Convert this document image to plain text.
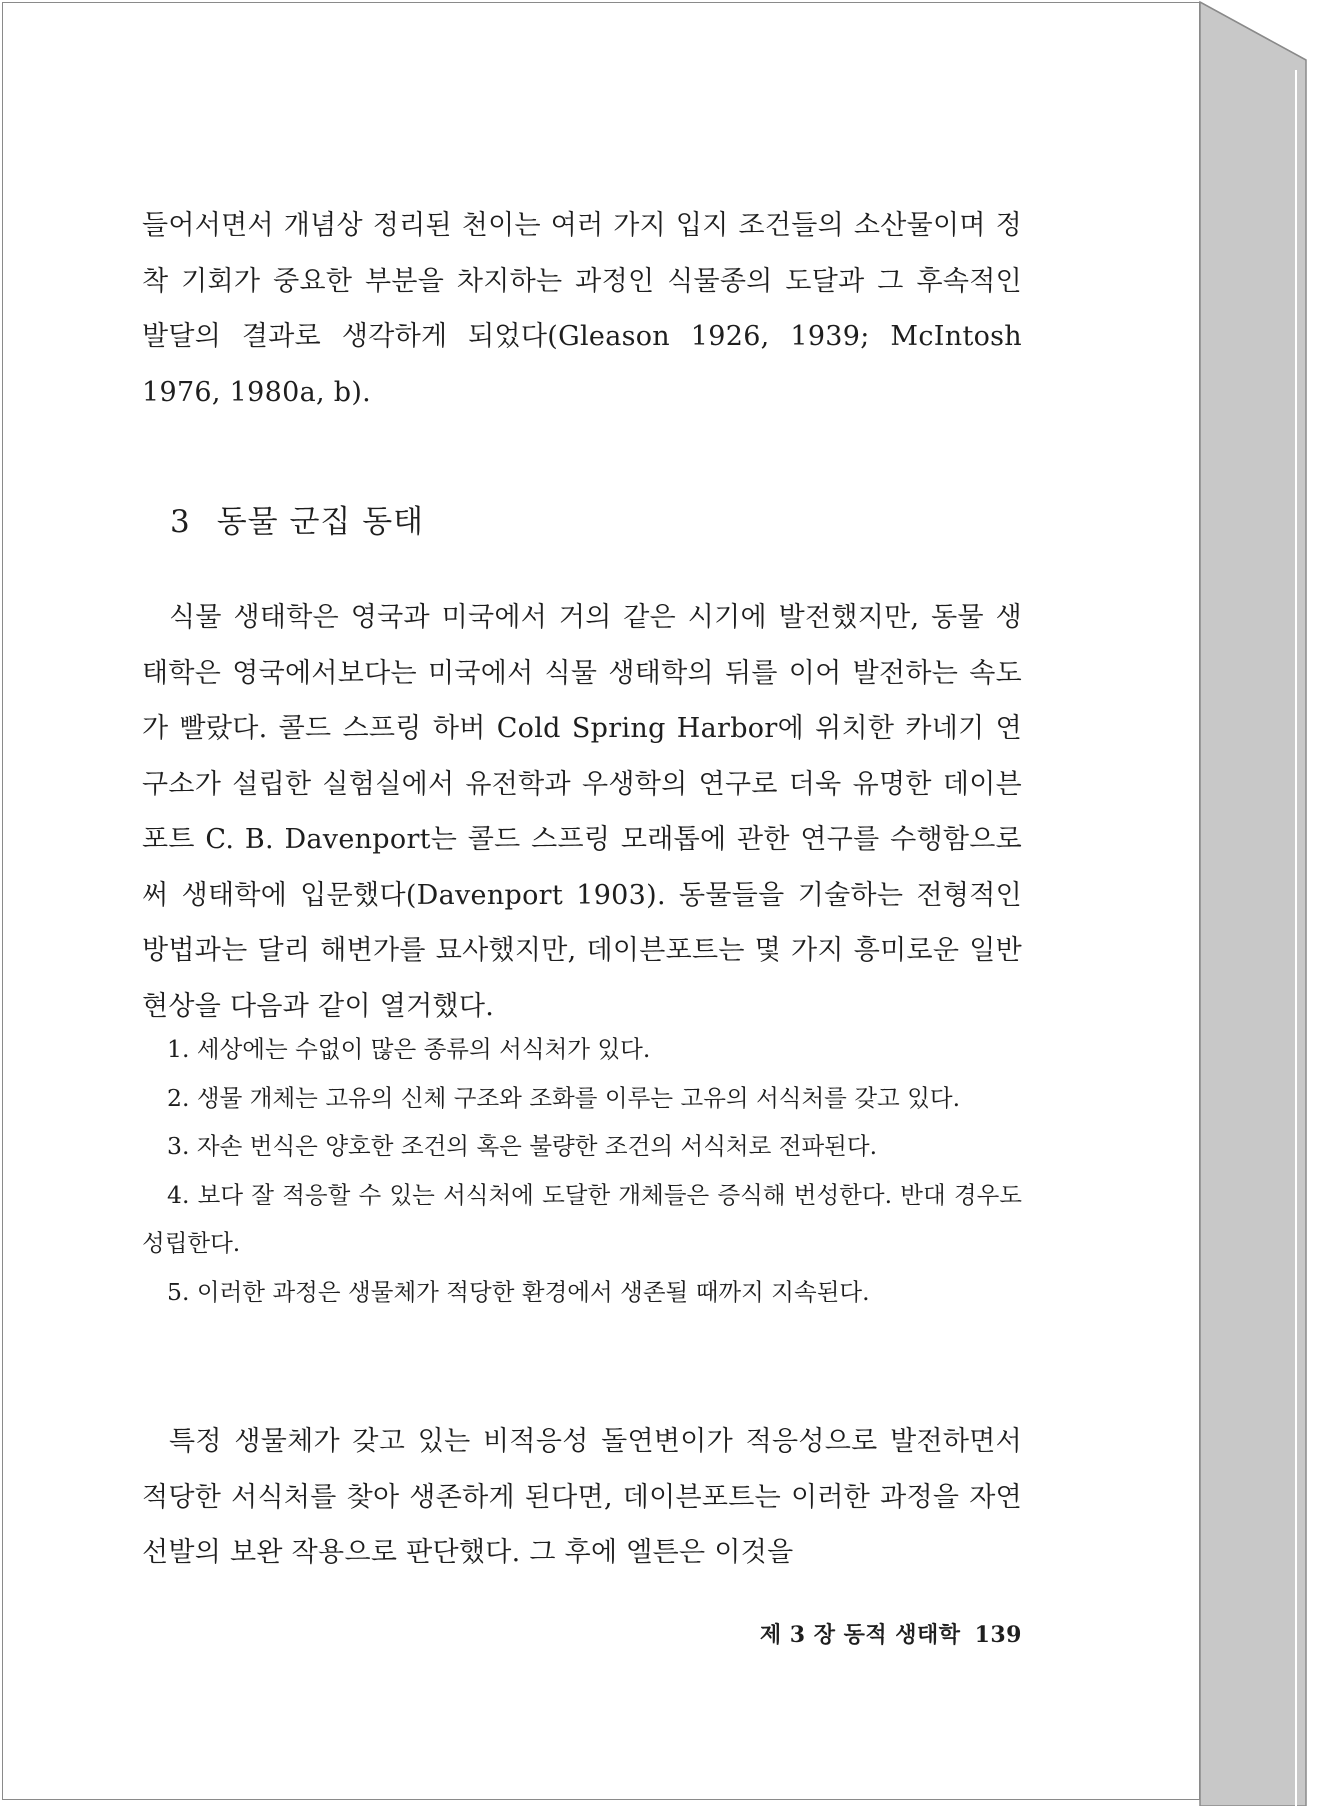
들어서면서 개념상 정리된 천이는 여러 가지 입지 조건들의 소산물이며 정착 기회가 중요한 부분을 차지하는 과정인 식물종의 도달과 그 후속적인 발달의 결과로 생각하게 되었다(Gleason 1926, 1939; McIntosh 1976, 1980a, b).

3 동물 군집 동태

식물 생태학은 영국과 미국에서 거의 같은 시기에 발전했지만, 동물 생태학은 영국에서보다는 미국에서 식물 생태학의 뒤를 이어 발전하는 속도가 빨랐다. 콜드 스프링 하버 Cold Spring Harbor에 위치한 카네기 연구소가 설립한 실험실에서 유전학과 우생학의 연구로 더욱 유명한 데이븐포트 C. B. Davenport는 콜드 스프링 모래톱에 관한 연구를 수행함으로써 생태학에 입문했다(Davenport 1903). 동물들을 기술하는 전형적인 방법과는 달리 해변가를 묘사했지만, 데이븐포트는 몇 가지 흥미로운 일반 현상을 다음과 같이 열거했다.

1. 세상에는 수없이 많은 종류의 서식처가 있다.
2. 생물 개체는 고유의 신체 구조와 조화를 이루는 고유의 서식처를 갖고 있다.
3. 자손 번식은 양호한 조건의 혹은 불량한 조건의 서식처로 전파된다.
4. 보다 잘 적응할 수 있는 서식처에 도달한 개체들은 증식해 번성한다. 반대 경우도 성립한다.
5. 이러한 과정은 생물체가 적당한 환경에서 생존될 때까지 지속된다.

특정 생물체가 갖고 있는 비적응성 돌연변이가 적응성으로 발전하면서 적당한 서식처를 찾아 생존하게 된다면, 데이븐포트는 이러한 과정을 자연 선발의 보완 작용으로 판단했다. 그 후에 엘튼은 이것을

제 3 장 동적 생태학 139
